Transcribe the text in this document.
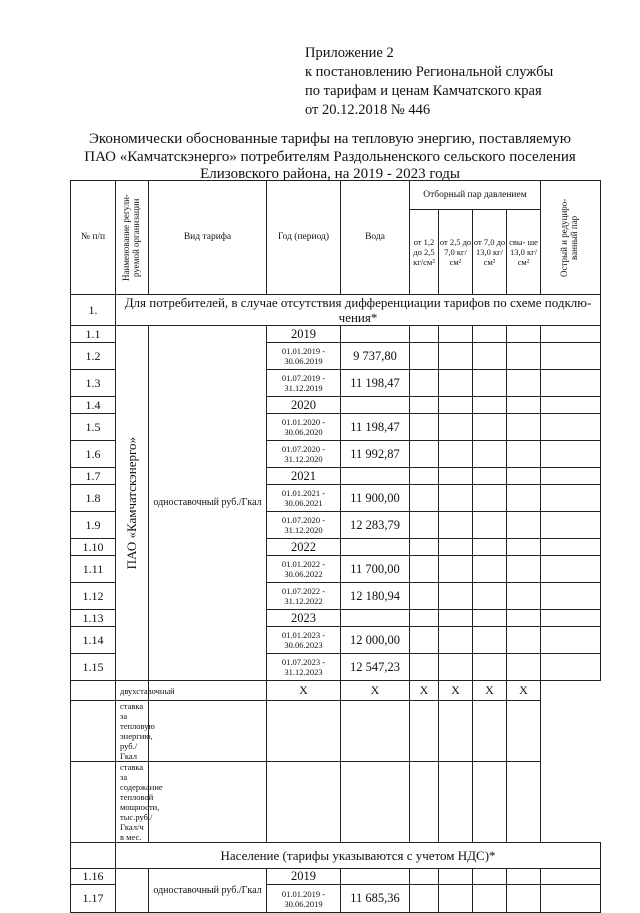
Приложение 2
к постановлению Региональной службы
по тарифам и ценам Камчатского края
от 20.12.2018 № 446
Экономически обоснованные тарифы на тепловую энергию, поставляемую
ПАО «Камчатскэнерго» потребителям Раздольненского сельского поселения
Елизовского района, на 2019 - 2023 годы
№ п/п	Наименование регули- руемой организации	Вид тарифа	Год (период)	Вода	Отборный пар давлением				Острый и редуциро- ванный пар

					от 1,2 до 2,5 кг/см²	от 2,5 до 7,0 кг/см²	от 7,0 до 13,0 кг/см²	свы- ше 13,0 кг/см²	
1.	Для потребителей, в случае отсутствия дифференциации тарифов по схеме подклю-чения*								
1.1	ПАО «Камчатскэнерго»	одноставочный руб./Гкал	2019						
1.2			01.01.2019 - 30.06.2019	9 737,80					
1.3			01.07.2019 - 31.12.2019	11 198,47					
1.4			2020						
1.5			01.01.2020 - 30.06.2020	11 198,47					
1.6			01.07.2020 - 31.12.2020	11 992,87					
1.7			2021						
1.8			01.01.2021 - 30.06.2021	11 900,00					
1.9			01.07.2020 - 31.12.2020	12 283,79					
1.10			2022						
1.11			01.01.2022 - 30.06.2022	11 700,00					
1.12			01.07.2022 - 31.12.2022	12 180,94					
1.13			2023						
1.14			01.01.2023 - 30.06.2023	12 000,00					
1.15			01.07.2023 - 31.12.2023	12 547,23					
	двухставочный		Х	Х	Х	Х	Х	Х	
	ставка за тепловую энергию, руб./Гкал								
	ставка за содержание тепловой мощности, тыс.руб./Гкал/ч в мес.								
	Население (тарифы указываются с учетом НДС)*								
1.16		одноставочный руб./Гкал	2019						
1.17			01.01.2019 - 30.06.2019	11 685,36					
